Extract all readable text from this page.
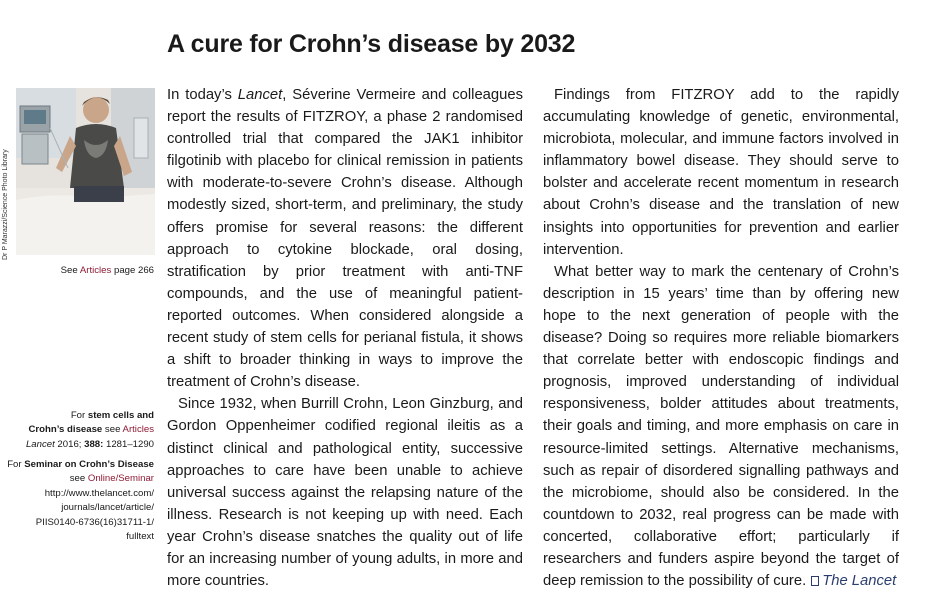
A cure for Crohn’s disease by 2032
Dr P Marazzi/Science Photo Library
See Articles page 266
For stem cells and
Crohn’s disease see Articles
Lancet 2016; 388: 1281–1290
For Seminar on Crohn’s Disease
see Online/Seminar
http://www.thelancet.com/
journals/lancet/article/
PIIS0140-6736(16)31711-1/
fulltext

In today’s Lancet, Séverine Vermeire and colleagues report the results of FITZROY, a phase 2 randomised controlled trial that compared the JAK1 inhibitor filgotinib with placebo for clinical remission in patients with moderate-to-severe Crohn’s disease. Although modestly sized, short-term, and preliminary, the study offers promise for several reasons: the different approach to cytokine blockade, oral dosing, stratification by prior treatment with anti-TNF compounds, and the use of meaningful patient-reported outcomes. When considered alongside a recent study of stem cells for perianal fistula, it shows a shift to broader thinking in ways to improve the treatment of Crohn’s disease.

Since 1932, when Burrill Crohn, Leon Ginzburg, and Gordon Oppenheimer codified regional ileitis as a distinct clinical and pathological entity, successive approaches to care have been unable to achieve universal success against the relapsing nature of the illness. Research is not keeping up with need. Each year Crohn’s disease snatches the quality out of life for an increasing number of young adults, in more and more countries.

Findings from FITZROY add to the rapidly accumulating knowledge of genetic, environmental, microbiota, molecular, and immune factors involved in inflammatory bowel disease. They should serve to bolster and accelerate recent momentum in research about Crohn’s disease and the translation of new insights into opportunities for prevention and earlier intervention.

What better way to mark the centenary of Crohn’s description in 15 years’ time than by offering new hope to the next generation of people with the disease? Doing so requires more reliable biomarkers that correlate better with endoscopic findings and prognosis, improved understanding of individual responsiveness, bolder attitudes about treatments, their goals and timing, and more emphasis on care in resource-limited settings. Alternative mechanisms, such as repair of disordered signalling pathways and the microbiome, should also be considered. In the countdown to 2032, real progress can be made with concerted, collaborative effort; particularly if researchers and funders aspire beyond the target of deep remission to the possibility of cure. The Lancet
